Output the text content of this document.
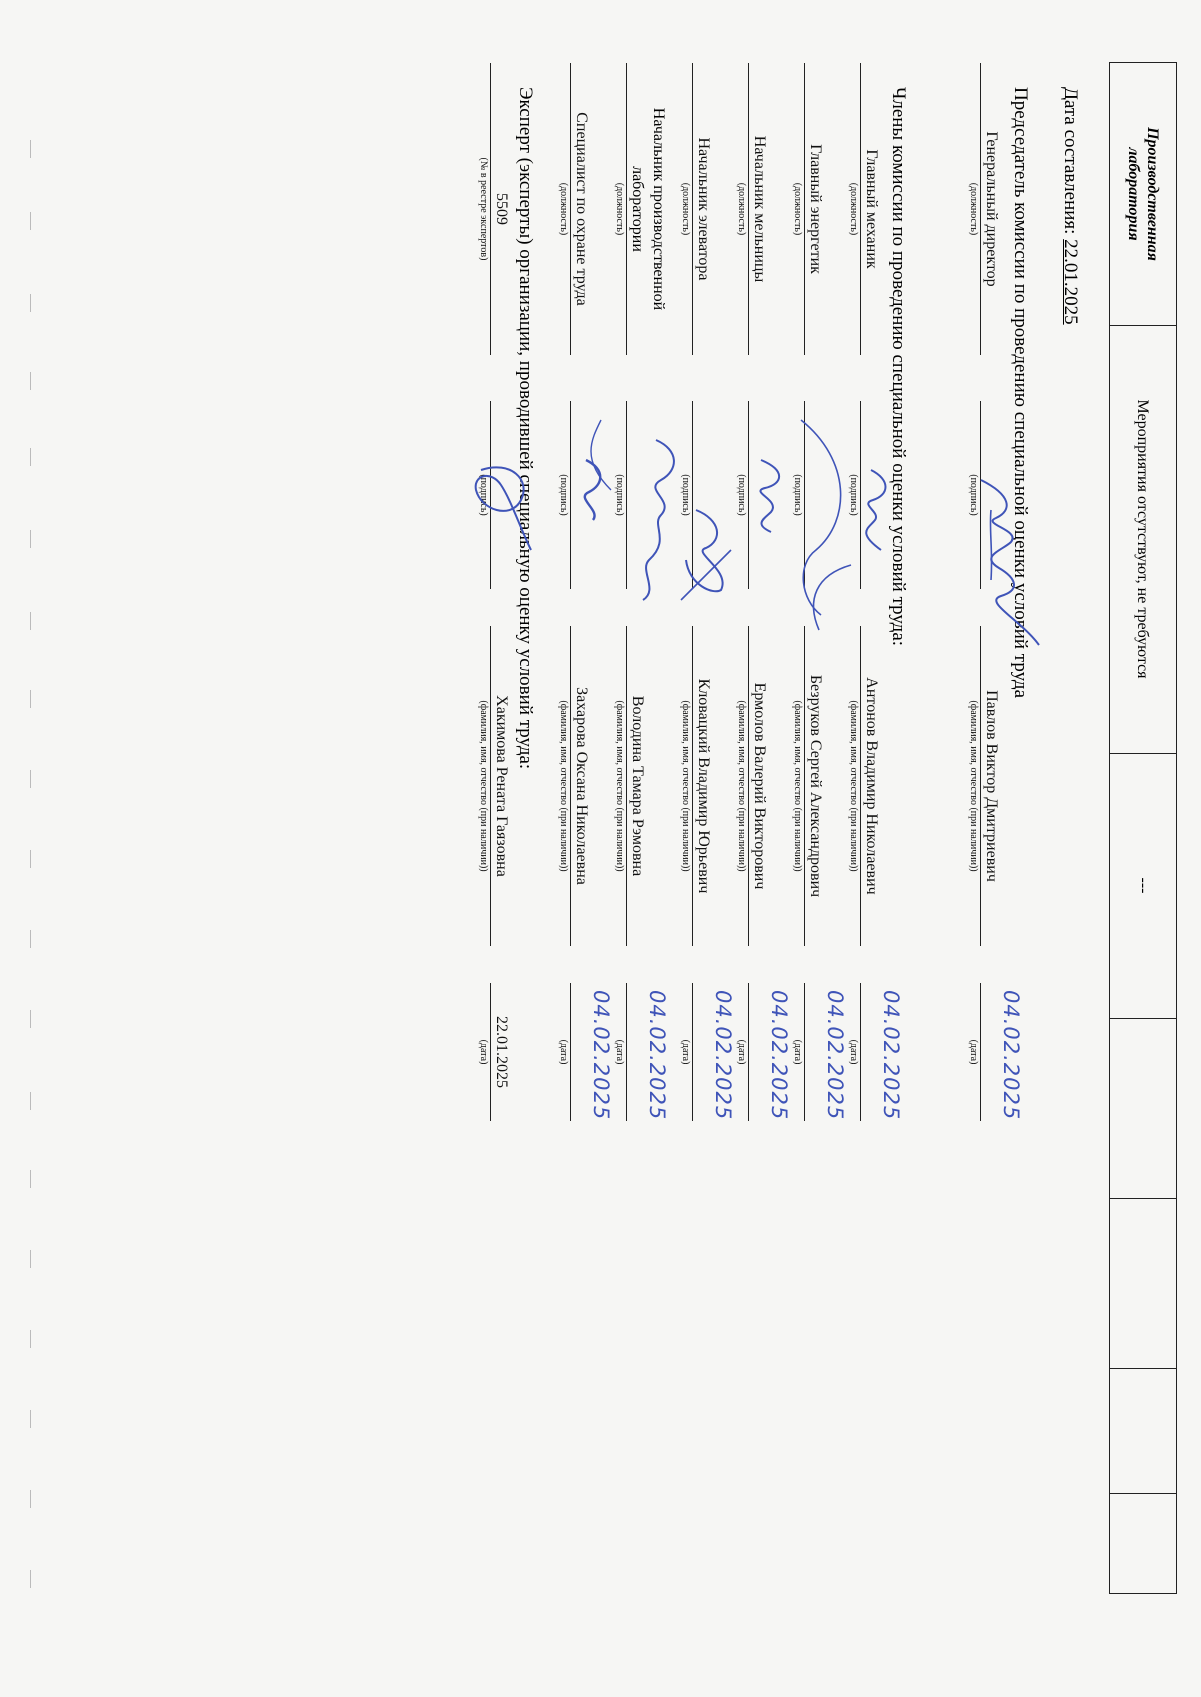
Производственная лаборатория
Мероприятия отсутствуют, не требуются
---
Дата составления: 22.01.2025
Председатель комиссии по проведению специальной оценки условий труда
Генеральный директор
(должность)
(подпись)
Павлов Виктор Дмитриевич
(фамилия, имя, отчество (при наличии))
04.02.2025
(дата)
Члены комиссии по проведению специальной оценки условий труда:
Главный механик
(должность)
(подпись)
Антонов Владимир Николаевич
(фамилия, имя, отчество (при наличии))
04.02.2025
(дата)
Главный энергетик
(должность)
(подпись)
Безруков Сергей Александрович
(фамилия, имя, отчество (при наличии))
04.02.2025
(дата)
Начальник мельницы
(должность)
(подпись)
Ермолов Валерий Викторович
(фамилия, имя, отчество (при наличии))
04.02.2025
(дата)
Начальник элеватора
(должность)
(подпись)
Кловацкий Владимир Юрьевич
(фамилия, имя, отчество (при наличии))
04.02.2025
(дата)
Начальник производственной лаборатории
(должность)
(подпись)
Володина Тамара Рэмовна
(фамилия, имя, отчество (при наличии))
04.02.2025
(дата)
Специалист по охране труда
(должность)
(подпись)
Захарова Оксана Николаевна
(фамилия, имя, отчество (при наличии))
04.02.2025
(дата)
Эксперт (эксперты) организации, проводившей специальную оценку условий труда:
5509
(№ в реестре экспертов)
(подпись)
Хакимова Рената Гаязовна
(фамилия, имя, отчество (при наличии))
22.01.2025
(дата)
